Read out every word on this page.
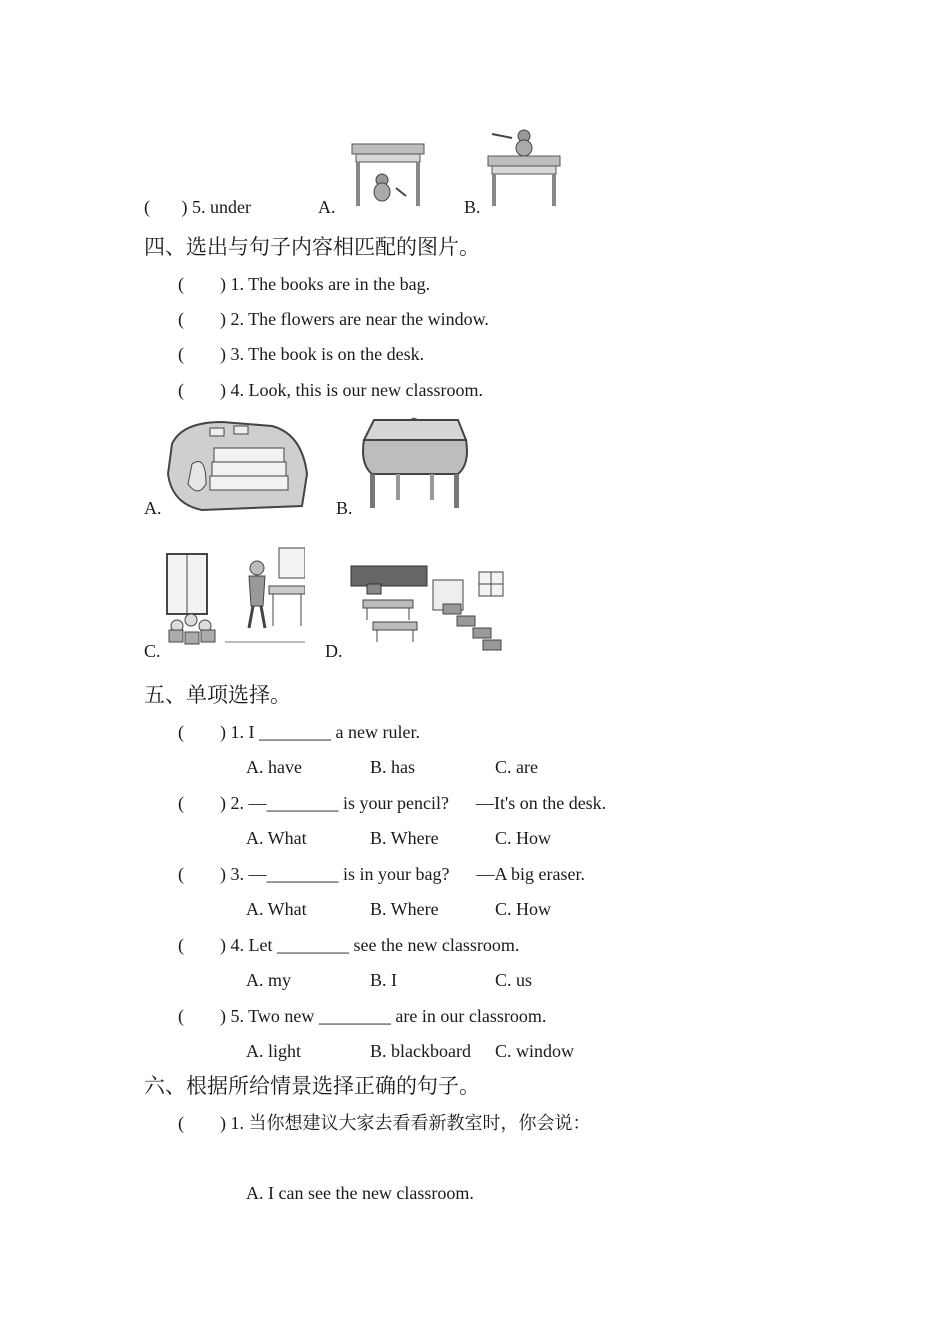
(       ) 5. under	A.	B.
四、选出与句子内容相匹配的图片。
(        ) 1. The books are in the bag.
(        ) 2. The flowers are near the window.
(        ) 3. The book is on the desk.
(        ) 4. Look, this is our new classroom.
A.	B.
C.	D.
五、单项选择。
(        ) 1. I ________ a new ruler.
A. have	B. has	C. are
(        ) 2. —________ is your pencil?      —It's on the desk.
A. What	B. Where	C. How
(        ) 3. —________ is in your bag?      —A big eraser.
A. What	B. Where	C. How
(        ) 4. Let ________ see the new classroom.
A. my	B. I	C. us
(        ) 5. Two new ________ are in our classroom.
A. light	B. blackboard C. window
六、根据所给情景选择正确的句子。
(        ) 1. 当你想建议大家去看看新教室时，你会说：
A. I can see the new classroom.
